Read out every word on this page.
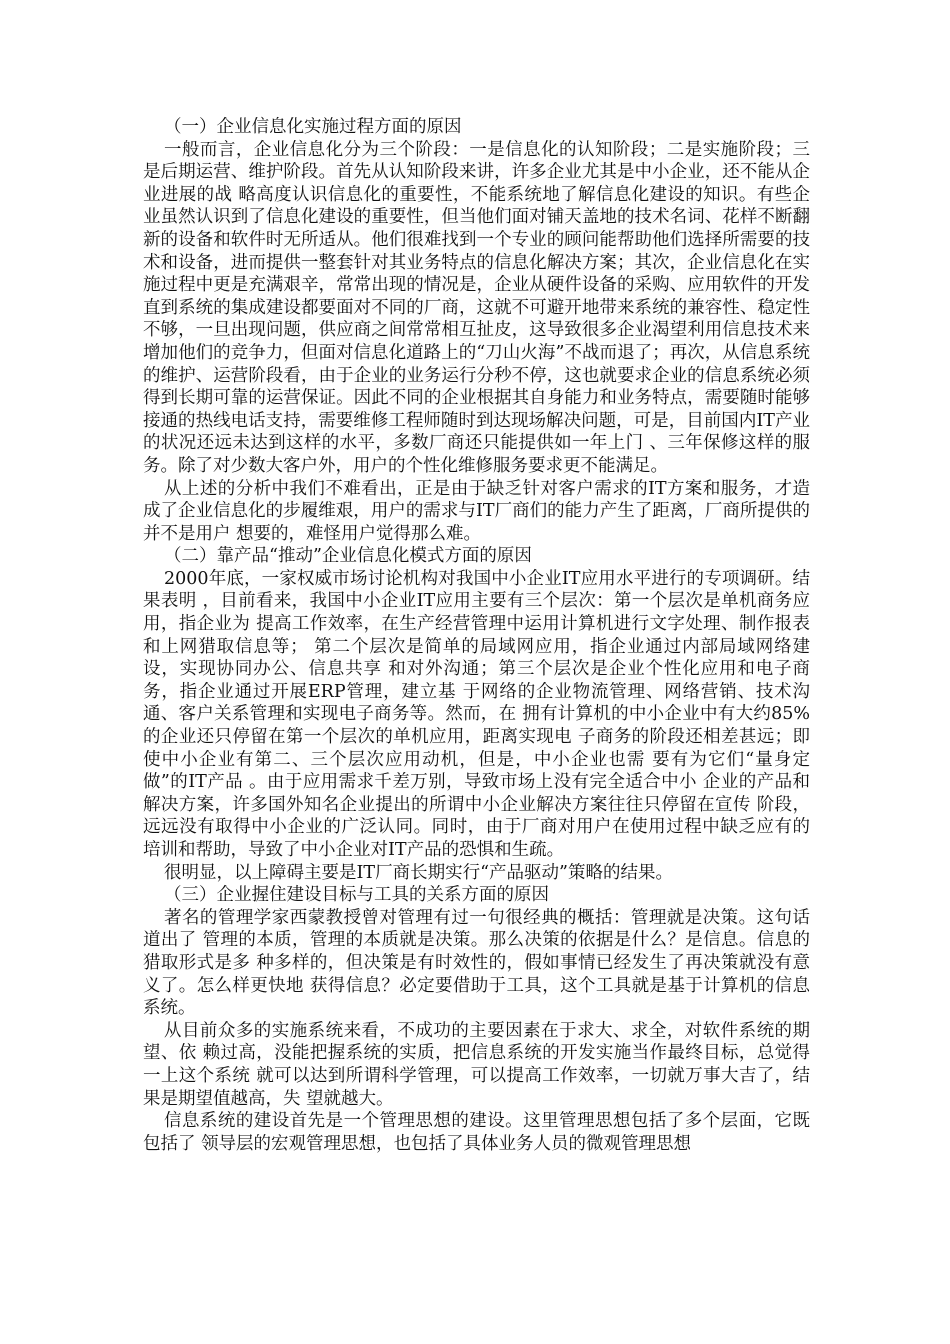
（一）企业信息化实施过程方面的原因

一般而言，企业信息化分为三个阶段：一是信息化的认知阶段；二是实施阶段；三是后期运营、维护阶段。首先从认知阶段来讲，许多企业尤其是中小企业，还不能从企业进展的战 略高度认识信息化的重要性，不能系统地了解信息化建设的知识。有些企业虽然认识到了信息化建设的重要性，但当他们面对铺天盖地的技术名词、花样不断翻新的设备和软件时无所适从。他们很难找到一个专业的顾问能帮助他们选择所需要的技术和设备，进而提供一整套针对其业务特点的信息化解决方案；其次，企业信息化在实施过程中更是充满艰辛，常常出现的情况是，企业从硬件设备的采购、应用软件的开发直到系统的集成建设都要面对不同的厂商，这就不可避开地带来系统的兼容性、稳定性不够，一旦出现问题，供应商之间常常相互扯皮，这导致很多企业渴望利用信息技术来增加他们的竞争力，但面对信息化道路上的“刀山火海”不战而退了；再次，从信息系统的维护、运营阶段看，由于企业的业务运行分秒不停，这也就要求企业的信息系统必须得到长期可靠的运营保证。因此不同的企业根据其自身能力和业务特点，需要随时能够接通的热线电话支持，需要维修工程师随时到达现场解决问题，可是，目前国内IT产业的状况还远未达到这样的水平，多数厂商还只能提供如一年上门 、三年保修这样的服务。除了对少数大客户外，用户的个性化维修服务要求更不能满足。

从上述的分析中我们不难看出，正是由于缺乏针对客户需求的IT方案和服务，才造成了企业信息化的步履维艰，用户的需求与IT厂商们的能力产生了距离，厂商所提供的并不是用户 想要的，难怪用户觉得那么难。

（二）靠产品“推动”企业信息化模式方面的原因

2000年底，一家权威市场讨论机构对我国中小企业IT应用水平进行的专项调研。结果表明 ，目前看来，我国中小企业IT应用主要有三个层次：第一个层次是单机商务应用，指企业为 提高工作效率，在生产经营管理中运用计算机进行文字处理、制作报表和上网猎取信息等； 第二个层次是简单的局域网应用，指企业通过内部局域网络建设，实现协同办公、信息共享 和对外沟通；第三个层次是企业个性化应用和电子商务，指企业通过开展ERP管理，建立基 于网络的企业物流管理、网络营销、技术沟通、客户关系管理和实现电子商务等。然而，在 拥有计算机的中小企业中有大约85%的企业还只停留在第一个层次的单机应用，距离实现电 子商务的阶段还相差甚远；即使中小企业有第二、三个层次应用动机，但是，中小企业也需 要有为它们“量身定做”的IT产品 。由于应用需求千差万别，导致市场上没有完全适合中小 企业的产品和解决方案，许多国外知名企业提出的所谓中小企业解决方案往往只停留在宣传 阶段，远远没有取得中小企业的广泛认同。同时，由于厂商对用户在使用过程中缺乏应有的 培训和帮助，导致了中小企业对IT产品的恐惧和生疏。

很明显，以上障碍主要是IT厂商长期实行“产品驱动”策略的结果。

（三）企业握住建设目标与工具的关系方面的原因

著名的管理学家西蒙教授曾对管理有过一句很经典的概括：管理就是决策。这句话道出了 管理的本质，管理的本质就是决策。那么决策的依据是什么？是信息。信息的猎取形式是多 种多样的，但决策是有时效性的，假如事情已经发生了再决策就没有意义了。怎么样更快地 获得信息？必定要借助于工具，这个工具就是基于计算机的信息系统。

从目前众多的实施系统来看，不成功的主要因素在于求大、求全，对软件系统的期望、依 赖过高，没能把握系统的实质，把信息系统的开发实施当作最终目标，总觉得一上这个系统 就可以达到所谓科学管理，可以提高工作效率，一切就万事大吉了，结果是期望值越高，失 望就越大。

信息系统的建设首先是一个管理思想的建设。这里管理思想包括了多个层面，它既包括了 领导层的宏观管理思想，也包括了具体业务人员的微观管理思想
